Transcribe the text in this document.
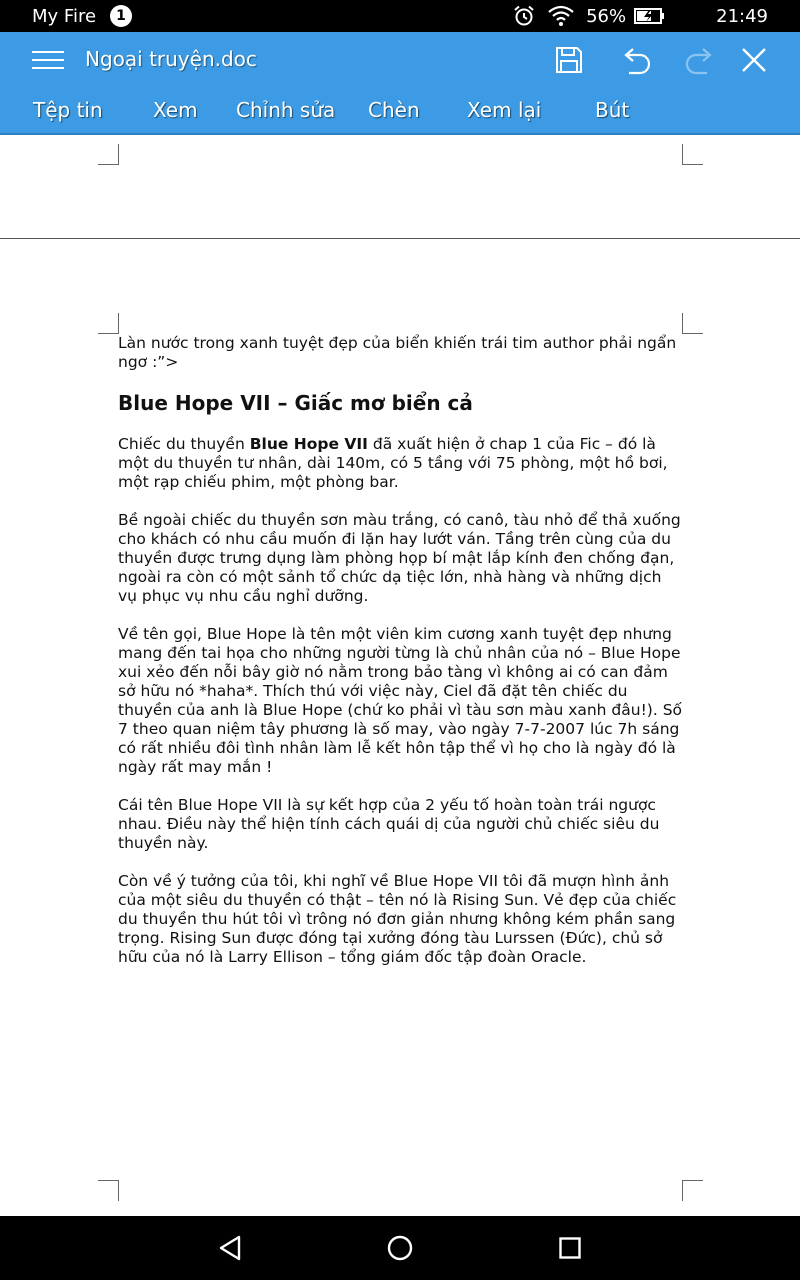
My Fire	1	56%	21:49
Ngoại truyện.doc
Tệp tin	Xem Chỉnh sửa Chèn Xem lại	Bút

Làn nước trong xanh tuyệt đẹp của biển khiến trái tim author phải ngẩn ngơ :”>

Blue Hope VII – Giấc mơ biển cả

Chiếc du thuyền Blue Hope VII đã xuất hiện ở chap 1 của Fic – đó là một du thuyền tư nhân, dài 140m, có 5 tầng với 75 phòng, một hồ bơi, một rạp chiếu phim, một phòng bar.

Bề ngoài chiếc du thuyền sơn màu trắng, có canô, tàu nhỏ để thả xuống cho khách có nhu cầu muốn đi lặn hay lướt ván. Tầng trên cùng của du thuyền được trưng dụng làm phòng họp bí mật lắp kính đen chống đạn, ngoài ra còn có một sảnh tổ chức dạ tiệc lớn, nhà hàng và những dịch vụ phục vụ nhu cầu nghỉ dưỡng.

Về tên gọi, Blue Hope là tên một viên kim cương xanh tuyệt đẹp nhưng mang đến tai họa cho những người từng là chủ nhân của nó – Blue Hope xui xẻo đến nỗi bây giờ nó nằm trong bảo tàng vì không ai có can đảm sở hữu nó *haha*. Thích thú với việc này, Ciel đã đặt tên chiếc du thuyền của anh là Blue Hope (chứ ko phải vì tàu sơn màu xanh đâu!). Số 7 theo quan niệm tây phương là số may, vào ngày 7-7-2007 lúc 7h sáng có rất nhiều đôi tình nhân làm lễ kết hôn tập thể vì họ cho là ngày đó là ngày rất may mắn !

Cái tên Blue Hope VII là sự kết hợp của 2 yếu tố hoàn toàn trái ngược nhau. Điều này thể hiện tính cách quái dị của người chủ chiếc siêu du thuyền này.

Còn về ý tưởng của tôi, khi nghĩ về Blue Hope VII tôi đã mượn hình ảnh của một siêu du thuyền có thật – tên nó là Rising Sun. Vẻ đẹp của chiếc du thuyền thu hút tôi vì trông nó đơn giản nhưng không kém phần sang trọng. Rising Sun được đóng tại xưởng đóng tàu Lurssen (Đức), chủ sở hữu của nó là Larry Ellison – tổng giám đốc tập đoàn Oracle.
